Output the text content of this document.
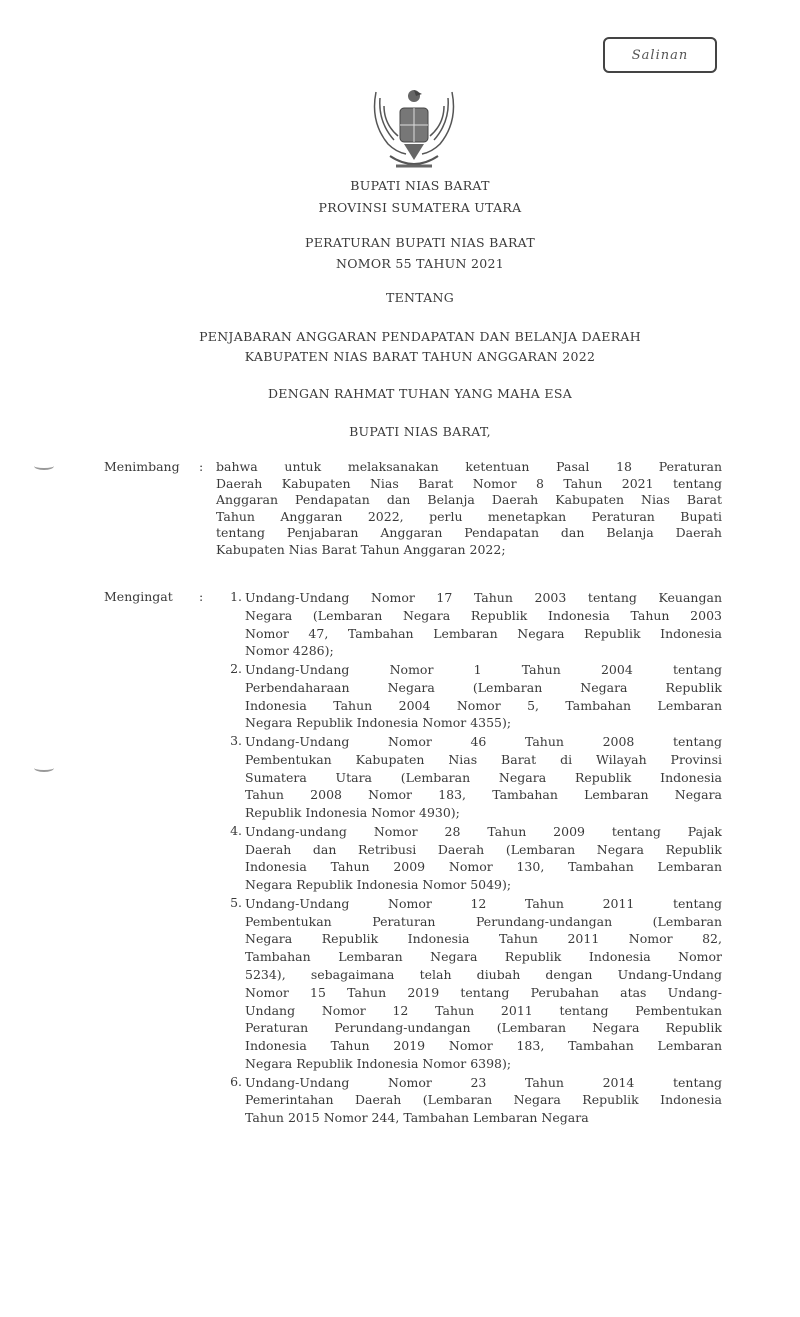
Salinan
BUPATI NIAS BARAT
PROVINSI SUMATERA UTARA
PERATURAN BUPATI NIAS BARAT
NOMOR 55 TAHUN 2021
TENTANG
PENJABARAN ANGGARAN PENDAPATAN DAN BELANJA DAERAH
KABUPATEN NIAS BARAT TAHUN ANGGARAN 2022
DENGAN RAHMAT TUHAN YANG MAHA ESA
BUPATI NIAS BARAT,
Menimbang : bahwa untuk melaksanakan ketentuan Pasal 18 Peraturan
Daerah Kabupaten Nias Barat Nomor 8 Tahun 2021 tentang
Anggaran Pendapatan dan Belanja Daerah Kabupaten Nias Barat
Tahun Anggaran 2022, perlu menetapkan Peraturan Bupati
tentang Penjabaran Anggaran Pendapatan dan Belanja Daerah
Kabupaten Nias Barat Tahun Anggaran 2022;
Mengingat :	1. Undang-Undang Nomor 17 Tahun 2003 tentang Keuangan
Negara (Lembaran Negara Republik Indonesia Tahun 2003
Nomor 47, Tambahan Lembaran Negara Republik Indonesia
Nomor 4286);
2. Undang-Undang Nomor 1 Tahun 2004 tentang
Perbendaharaan Negara (Lembaran Negara Republik
Indonesia Tahun 2004 Nomor 5, Tambahan Lembaran
Negara Republik Indonesia Nomor 4355);
3. Undang-Undang Nomor 46 Tahun 2008 tentang
Pembentukan Kabupaten Nias Barat di Wilayah Provinsi
Sumatera Utara (Lembaran Negara Republik Indonesia
Tahun 2008 Nomor 183, Tambahan Lembaran Negara
Republik Indonesia Nomor 4930);
4. Undang-undang Nomor 28 Tahun 2009 tentang Pajak
Daerah dan Retribusi Daerah (Lembaran Negara Republik
Indonesia Tahun 2009 Nomor 130, Tambahan Lembaran
Negara Republik Indonesia Nomor 5049);
5. Undang-Undang Nomor 12 Tahun 2011 tentang
Pembentukan Peraturan Perundang-undangan (Lembaran
Negara Republik Indonesia Tahun 2011 Nomor 82,
Tambahan Lembaran Negara Republik Indonesia Nomor
5234), sebagaimana telah diubah dengan Undang-Undang
Nomor 15 Tahun 2019 tentang Perubahan atas Undang-
Undang Nomor 12 Tahun 2011 tentang Pembentukan
Peraturan Perundang-undangan (Lembaran Negara Republik
Indonesia Tahun 2019 Nomor 183, Tambahan Lembaran
Negara Republik Indonesia Nomor 6398);
6. Undang-Undang Nomor 23 Tahun 2014 tentang
Pemerintahan Daerah (Lembaran Negara Republik Indonesia
Tahun 2015 Nomor 244, Tambahan Lembaran Negara
